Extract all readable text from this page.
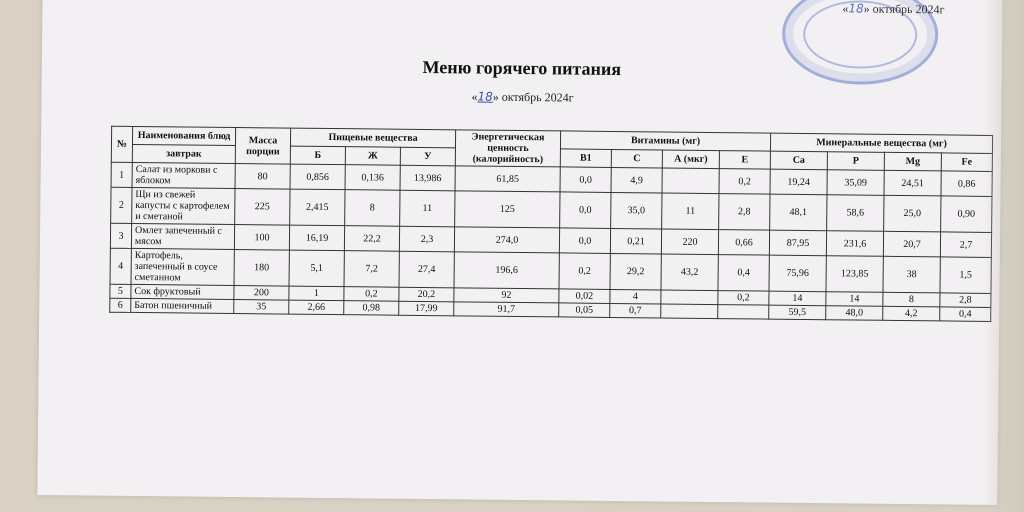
«18» октябрь 2024г
Меню горячего питания
«18» октябрь 2024г
№	Наименования блюд	Масса порции	Пищевые вещества			Энергетическая ценность (калорийность)	Витамины (мг)				Минеральные вещества (мг)			
	завтрак		Б	Ж	У		B1	C	А (мкг)	E	Ca	P	Mg	Fe
1	Салат из моркови с яблоком	80	0,856	0,136	13,986	61,85	0,0	4,9		0,2	19,24	35,09	24,51	0,86
2	Щи из свежей капусты с картофелем и сметаной	225	2,415	8	11	125	0,0	35,0	11	2,8	48,1	58,6	25,0	0,90
3	Омлет запеченный с мясом	100	16,19	22,2	2,3	274,0	0,0	0,21	220	0,66	87,95	231,6	20,7	2,7
4	Картофель, запеченный в соусе сметанном	180	5,1	7,2	27,4	196,6	0,2	29,2	43,2	0,4	75,96	123,85	38	1,5
5	Сок фруктовый	200	1	0,2	20,2	92	0,02	4		0,2	14	14	8	2,8
6	Батон пшеничный	35	2,66	0,98	17,99	91,7	0,05	0,7			59,5	48,0	4,2	0,4
